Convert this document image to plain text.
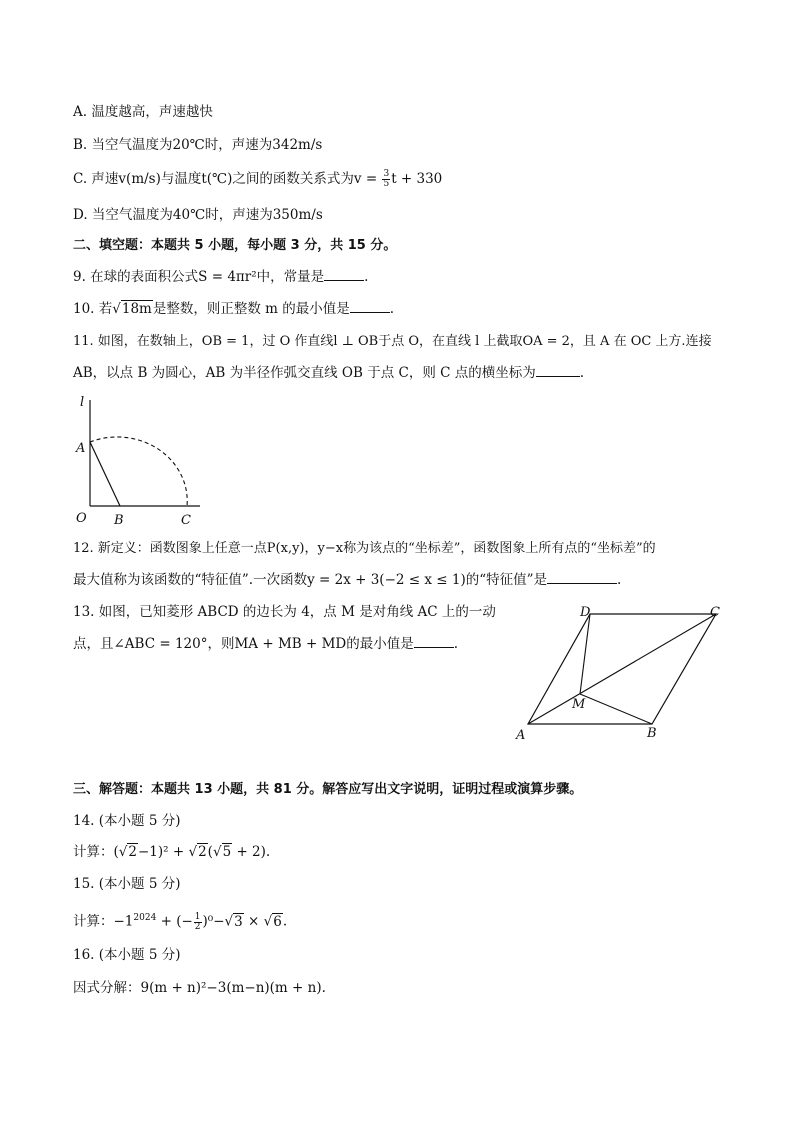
A. 温度越高，声速越快
B. 当空气温度为20℃时，声速为342m/s
C. 声速v(m/s)与温度t(℃)之间的函数关系式为$v = \frac{3}{5}$ t + 330
D. 当空气温度为40℃时，声速为350m/s
二、填空题：本题共 5 小题，每小题 3 分，共 15 分。
9. 在球的表面积公式S = 4πr²中，常量是	.
10. 若√18m是整数，则正整数 m 的最小值是	.
11. 如图，在数轴上，OB = 1，过 O 作直线l ⊥ OB于点 O，在直线 l 上截取OA = 2，且 A 在 OC 上方.连接
AB，以点 B 为圆心，AB 为半径作弧交直线 OB 于点 C，则 C 点的横坐标为	.
l
A
O B	C
12. 新定义：函数图象上任意一点P(x,y)，y−x称为该点的“坐标差”，函数图象上所有点的“坐标差”的
最大值称为该函数的“特征值”.一次函数y = 2x + 3(−2 ≤ x ≤ 1)的“特征值”是	.
13. 如图，已知菱形 ABCD 的边长为 4，点 M 是对角线 AC 上的一动
点，且∠ABC = 120°，则MA + MB + MD的最小值是	.
D	C
M
A	B
三、解答题：本题共 13 小题，共 81 分。解答应写出文字说明，证明过程或演算步骤。
14. (本小题 5 分)
计算：(√2−1)² + √2(√5 + 2).
15. (本小题 5 分)
计算：$-1^{2024}$ + (− $\frac{1}{2} )^0-√3 \times √6$.
16. (本小题 5 分)
因式分解：9(m + n)²−3(m−n)(m + n).
